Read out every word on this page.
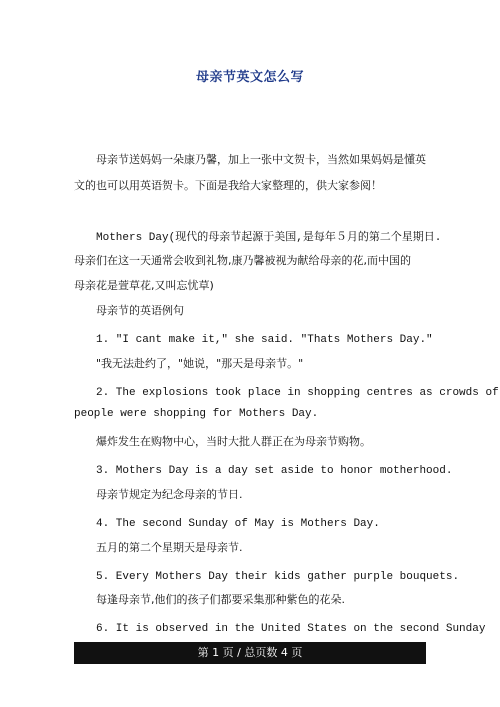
母亲节英文怎么写
　　母亲节送妈妈一朵康乃馨，加上一张中文贺卡，当然如果妈妈是懂英
文的也可以用英语贺卡。下面是我给大家整理的，供大家参阅！
　　Mothers Day(现代的母亲节起源于美国,是每年５月的第二个星期日.
母亲们在这一天通常会收到礼物,康乃馨被视为献给母亲的花,而中国的
母亲花是萱草花,又叫忘忧草)
　　母亲节的英语例句
　　1. "I cant make it," she said. "Thats Mothers Day."
　　"我无法赴约了，"她说，"那天是母亲节。"
　　2. The explosions took place in shopping centres as crowds of
people were shopping for Mothers Day.
　　爆炸发生在购物中心，当时大批人群正在为母亲节购物。
　　3. Mothers Day is a day set aside to honor motherhood.
　　母亲节规定为纪念母亲的节日.
　　4. The second Sunday of May is Mothers Day.
　　五月的第二个星期天是母亲节.
　　5. Every Mothers Day their kids gather purple bouquets.
　　每逢母亲节,他们的孩子们都要采集那种紫色的花朵.
　　6. It is observed in the United States on the second Sunday
第 1 页 / 总页数 4 页
